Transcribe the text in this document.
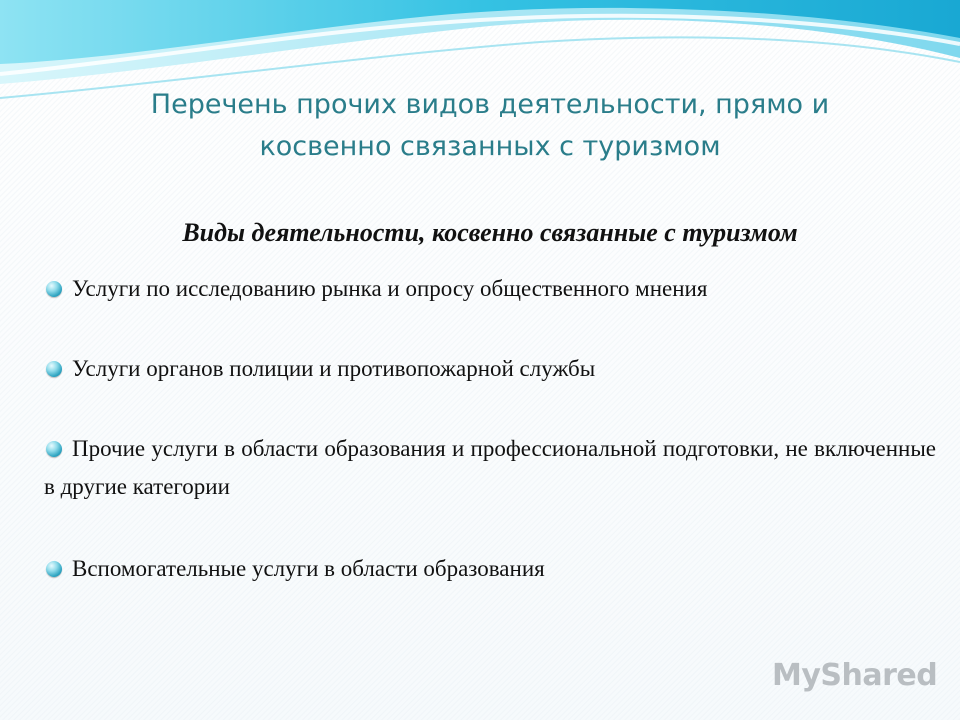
Перечень прочих видов деятельности, прямо и
косвенно связанных с туризмом
Виды деятельности, косвенно связанные с туризмом
Услуги по исследованию рынка и опросу общественного мнения
Услуги органов полиции и противопожарной службы
Прочие услуги в области образования и профессиональной подготовки, не включенные в другие категории
Вспомогательные услуги в области образования
MyShared
